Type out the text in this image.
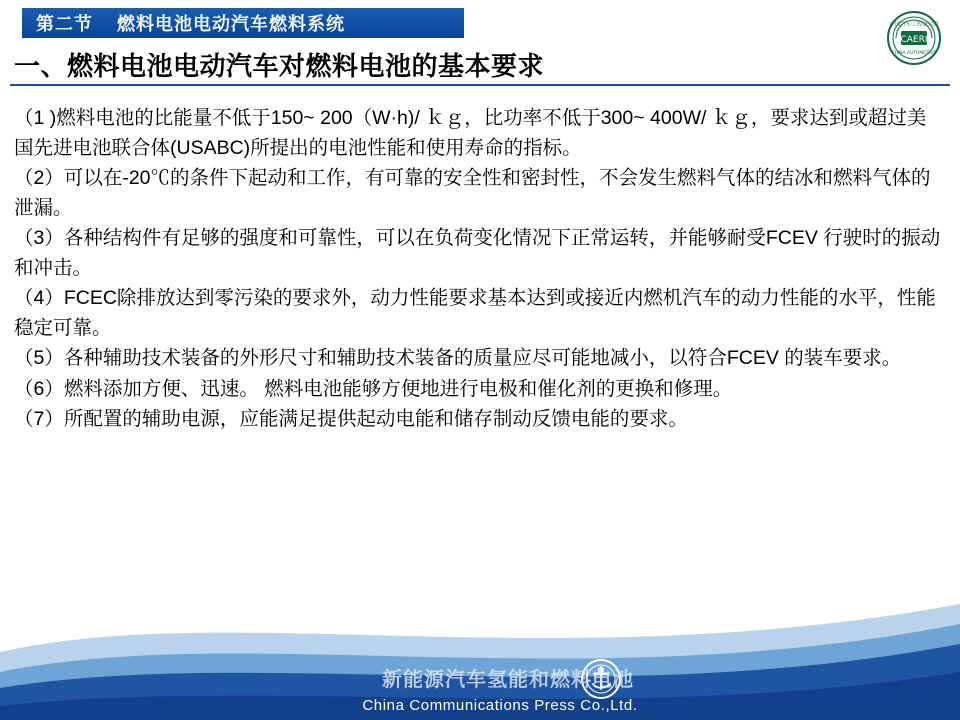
第二节 燃料电池电动汽车燃料系统	中国汽车工程研究院
CAERI
CHINA AUTOMOTIVE
一、燃料电池电动汽车对燃料电池的基本要求

（1 )燃料电池的比能量不低于150~ 200（W·h)/ ｋｇ，比功率不低于300~ 400W/ ｋｇ，要求达到或超过美国先进电池联合体(USABC)所提出的电池性能和使用寿命的指标。

（2）可以在-20℃的条件下起动和工作，有可靠的安全性和密封性，不会发生燃料气体的结冰和燃料气体的泄漏。

（3）各种结构件有足够的强度和可靠性，可以在负荷变化情况下正常运转，并能够耐受FCEV 行驶时的振动和冲击。

（4）FCEC除排放达到零污染的要求外，动力性能要求基本达到或接近内燃机汽车的动力性能的水平，性能稳定可靠。

（5）各种辅助技术装备的外形尺寸和辅助技术装备的质量应尽可能地减小，以符合FCEV 的装车要求。

（6）燃料添加方便、迅速。 燃料电池能够方便地进行电极和催化剂的更换和修理。

（7）所配置的辅助电源，应能满足提供起动电能和储存制动反馈电能的要求。

新能源汽车氢能和燃料电池
China Communications Press Co.,Ltd.
